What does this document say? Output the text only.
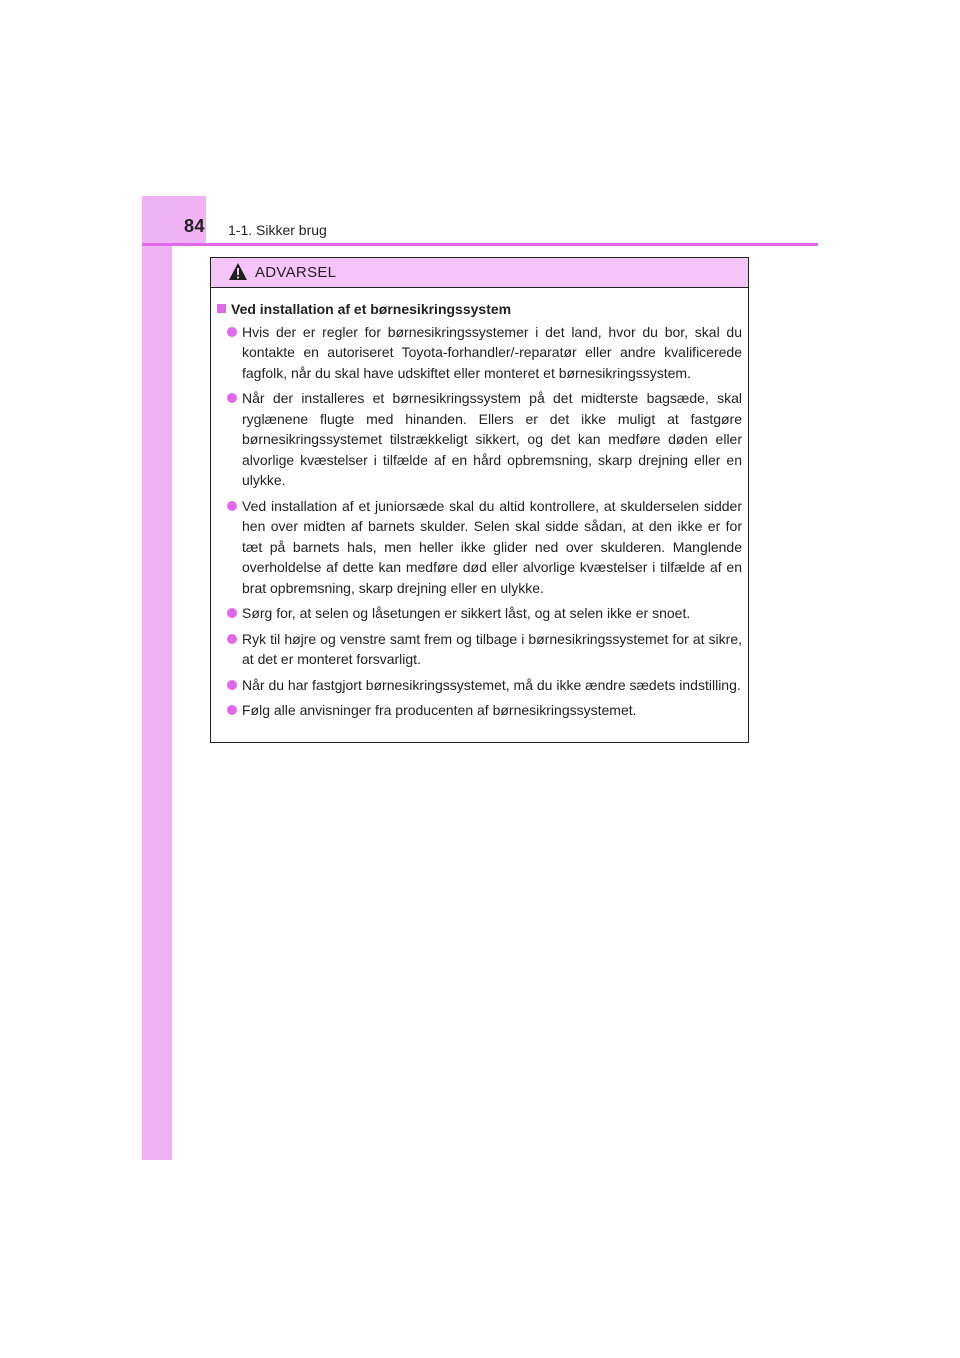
84 1-1. Sikker brug
ADVARSEL
Ved installation af et børnesikringssystem
Hvis der er regler for børnesikringssystemer i det land, hvor du bor, skal du kontakte en autoriseret Toyota-forhandler/-reparatør eller andre kvalificerede fagfolk, når du skal have udskiftet eller monteret et børnesikringssystem.
Når der installeres et børnesikringssystem på det midterste bagsæde, skal ryglænene flugte med hinanden. Ellers er det ikke muligt at fastgøre børnesikringssystemet tilstrækkeligt sikkert, og det kan medføre døden eller alvorlige kvæstelser i tilfælde af en hård opbremsning, skarp drejning eller en ulykke.
Ved installation af et juniorsæde skal du altid kontrollere, at skulderselen sidder hen over midten af barnets skulder. Selen skal sidde sådan, at den ikke er for tæt på barnets hals, men heller ikke glider ned over skulderen. Manglende overholdelse af dette kan medføre død eller alvorlige kvæstelser i tilfælde af en brat opbremsning, skarp drejning eller en ulykke.
Sørg for, at selen og låsetungen er sikkert låst, og at selen ikke er snoet.
Ryk til højre og venstre samt frem og tilbage i børnesikringssystemet for at sikre, at det er monteret forsvarligt.
Når du har fastgjort børnesikringssystemet, må du ikke ændre sædets indstilling.
Følg alle anvisninger fra producenten af børnesikringssystemet.
